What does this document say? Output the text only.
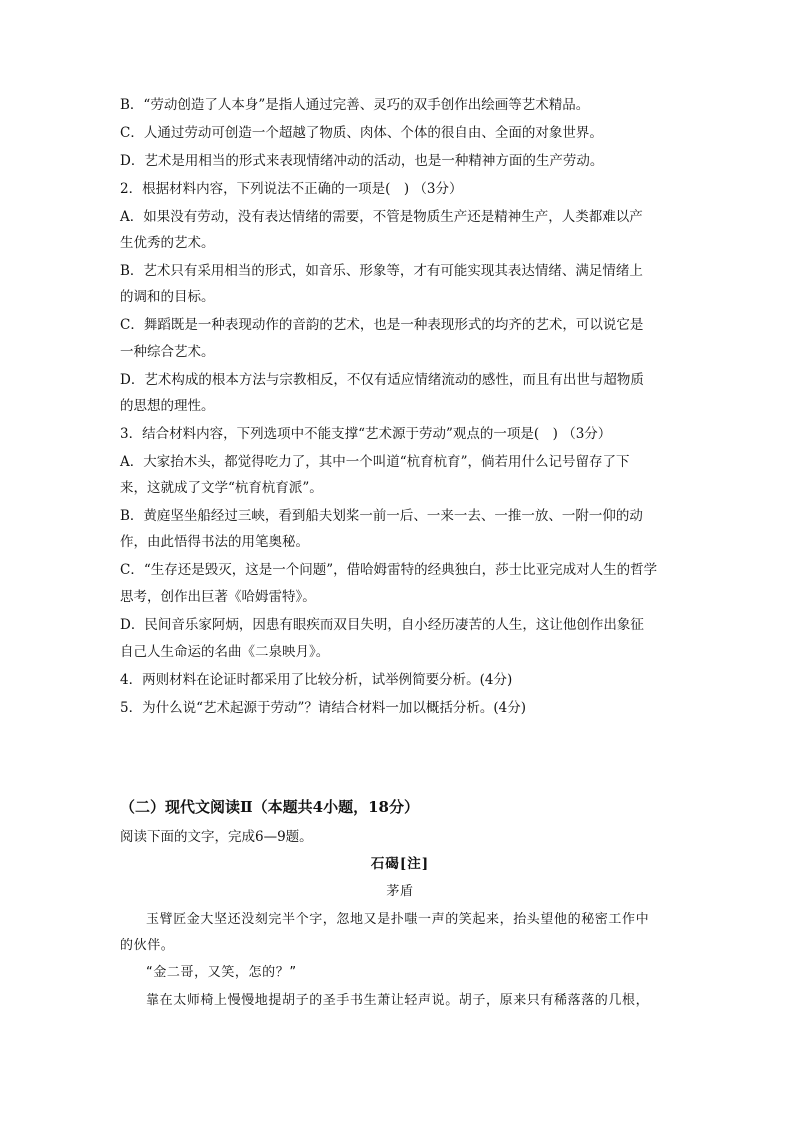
B．“劳动创造了人本身”是指人通过完善、灵巧的双手创作出绘画等艺术精品。
C．人通过劳动可创造一个超越了物质、肉体、个体的很自由、全面的对象世界。
D．艺术是用相当的形式来表现情绪冲动的活动，也是一种精神方面的生产劳动。
2．根据材料内容，下列说法不正确的一项是(　) （3分）
A．如果没有劳动，没有表达情绪的需要，不管是物质生产还是精神生产，人类都难以产
生优秀的艺术。
B．艺术只有采用相当的形式，如音乐、形象等，才有可能实现其表达情绪、满足情绪上
的调和的目标。
C．舞蹈既是一种表现动作的音韵的艺术，也是一种表现形式的均齐的艺术，可以说它是
一种综合艺术。
D．艺术构成的根本方法与宗教相反，不仅有适应情绪流动的感性，而且有出世与超物质
的思想的理性。
3．结合材料内容，下列选项中不能支撑“艺术源于劳动”观点的一项是(　) （3分）
A．大家抬木头，都觉得吃力了，其中一个叫道“杭育杭育”，倘若用什么记号留存了下
来，这就成了文学“杭育杭育派”。
B．黄庭坚坐船经过三峡，看到船夫划桨一前一后、一来一去、一推一放、一附一仰的动
作，由此悟得书法的用笔奥秘。
C．“生存还是毁灭，这是一个问题”，借哈姆雷特的经典独白，莎士比亚完成对人生的哲学
思考，创作出巨著《哈姆雷特》。
D．民间音乐家阿炳，因患有眼疾而双目失明，自小经历凄苦的人生，这让他创作出象征
自己人生命运的名曲《二泉映月》。
4．两则材料在论证时都采用了比较分析，试举例简要分析。(4分)
5．为什么说“艺术起源于劳动”？请结合材料一加以概括分析。(4分)
（二）现代文阅读Ⅱ（本题共4小题，18分）
阅读下面的文字，完成6—9题。
石碣[注]
茅盾
玉臂匠金大坚还没刻完半个字，忽地又是扑嗤一声的笑起来，抬头望他的秘密工作中
的伙伴。
“金二哥，又笑，怎的？”
靠在太师椅上慢慢地提胡子的圣手书生萧让轻声说。胡子，原来只有稀落落的几根，
